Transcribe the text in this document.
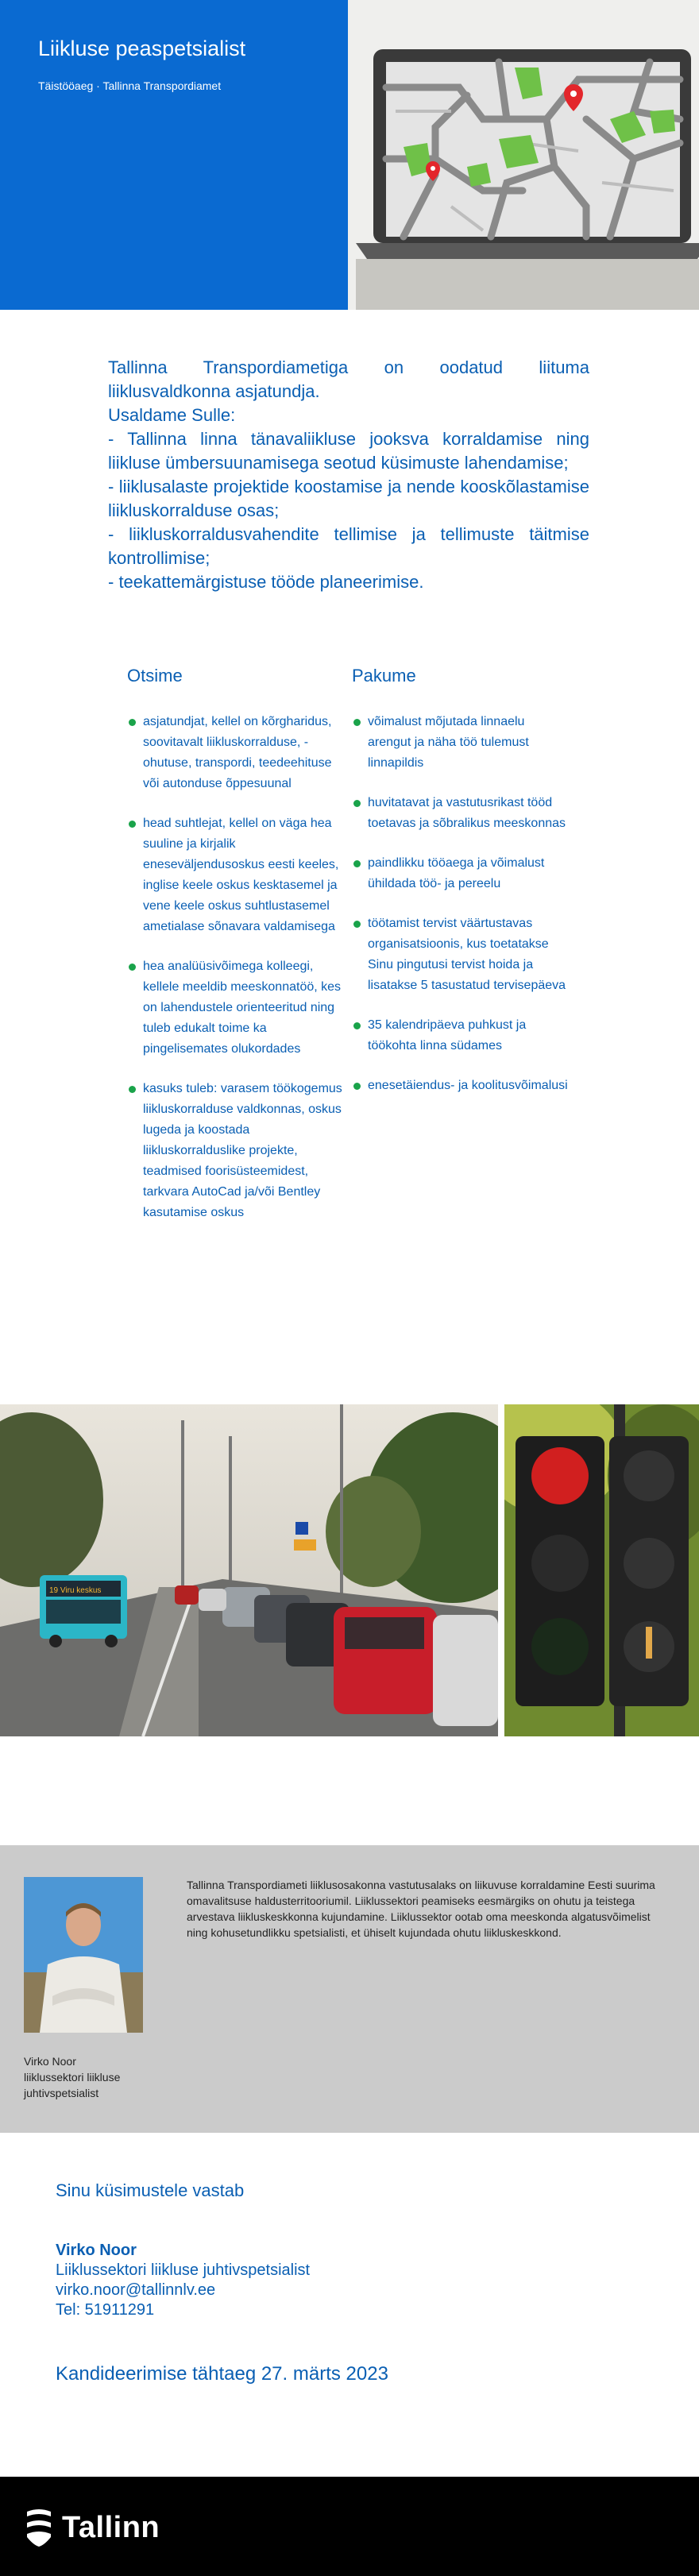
Liikluse peaspetsialist
Täistööaeg · Tallinna Transpordiamet

Tallinna Transpordiametiga on oodatud liituma liiklusvaldkonna asjatundja.

Usaldame Sulle:

- Tallinna linna tänavaliikluse jooksva korraldamise ning liikluse ümbersuunamisega seotud küsimuste lahendamise;

- liiklusalaste projektide koostamise ja nende kooskõlastamise liikluskorralduse osas;

- liikluskorraldusvahendite tellimise ja tellimuste täitmise kontrollimise;

- teekattemärgistuse tööde planeerimise.

Otsime
asjatundjat, kellel on kõrgharidus, soovitavalt liikluskorralduse, -ohutuse, transpordi, teedeehituse või autonduse õppesuunal
head suhtlejat, kellel on väga hea suuline ja kirjalik eneseväljendusoskus eesti keeles, inglise keele oskus kesktasemel ja vene keele oskus suhtlustasemel ametialase sõnavara valdamisega
hea analüüsivõimega kolleegi, kellele meeldib meeskonnatöö, kes on lahendustele orienteeritud ning tuleb edukalt toime ka pingelisemates olukordades
kasuks tuleb: varasem töökogemus liikluskorralduse valdkonnas, oskus lugeda ja koostada liikluskorralduslike projekte, teadmised foorisüsteemidest, tarkvara AutoCad ja/või Bentley kasutamise oskus
Pakume
võimalust mõjutada linnaelu arengut ja näha töö tulemust linnapildis
huvitatavat ja vastutusrikast tööd toetavas ja sõbralikus meeskonnas
paindlikku tööaega ja võimalust ühildada töö- ja pereelu
töötamist tervist väärtustavas organisatsioonis, kus toetatakse Sinu pingutusi tervist hoida ja lisatakse 5 tasustatud tervisepäeva
35 kalendripäeva puhkust ja töökohta linna südames
enesetäiendus- ja koolitusvõimalusi
19 Viru keskus
Virko Noor
liiklussektori liikluse
juhtivspetsialist
Tallinna Transpordiameti liiklusosakonna vastutusalaks on liikuvuse korraldamine Eesti suurima omavalitsuse haldusterritooriumil. Liiklussektori peamiseks eesmärgiks on ohutu ja teistega arvestava liikluskeskkonna kujundamine. Liiklussektor ootab oma meeskonda algatusvõimelist ning kohusetundlikku spetsialisti, et ühiselt kujundada ohutu liikluskeskkond.
Sinu küsimustele vastab
Virko Noor
Liiklussektori liikluse juhtivspetsialist
virko.noor@tallinnlv.ee
Tel: 51911291
Kandideerimise tähtaeg 27. märts 2023
Tallinn
